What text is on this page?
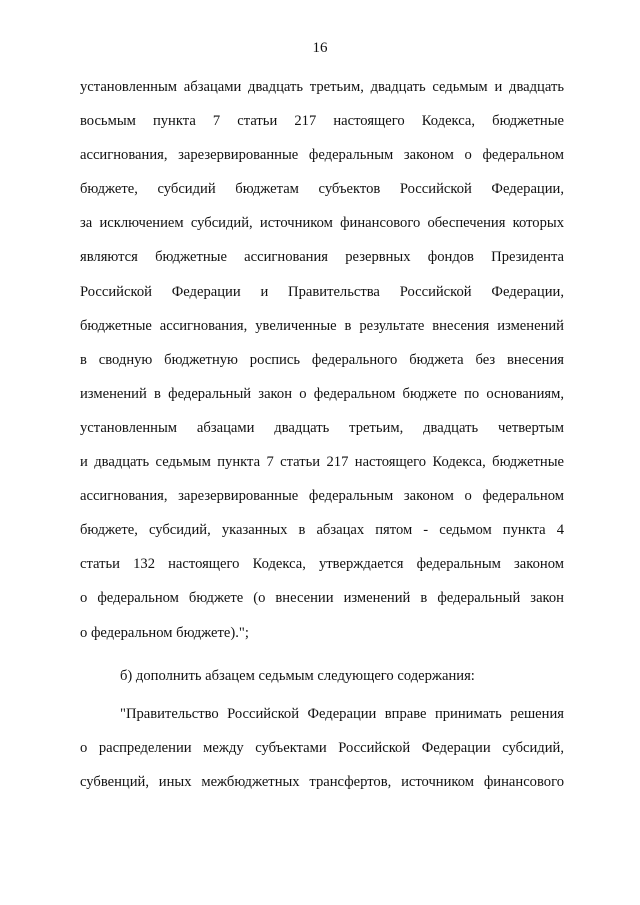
16
установленным абзацами двадцать третьим, двадцать седьмым и двадцать
восьмым пункта 7 статьи 217 настоящего Кодекса, бюджетные
ассигнования, зарезервированные федеральным законом о федеральном
бюджете, субсидий бюджетам субъектов Российской Федерации,
за исключением субсидий, источником финансового обеспечения которых
являются бюджетные ассигнования резервных фондов Президента
Российской Федерации и Правительства Российской Федерации,
бюджетные ассигнования, увеличенные в результате внесения изменений
в сводную бюджетную роспись федерального бюджета без внесения
изменений в федеральный закон о федеральном бюджете по основаниям,
установленным абзацами двадцать третьим, двадцать четвертым
и двадцать седьмым пункта 7 статьи 217 настоящего Кодекса, бюджетные
ассигнования, зарезервированные федеральным законом о федеральном
бюджете, субсидий, указанных в абзацах пятом - седьмом пункта 4
статьи 132 настоящего Кодекса, утверждается федеральным законом
о федеральном бюджете (о внесении изменений в федеральный закон
о федеральном бюджете).";
б) дополнить абзацем седьмым следующего содержания:
"Правительство Российской Федерации вправе принимать решения
о распределении между субъектами Российской Федерации субсидий,
субвенций, иных межбюджетных трансфертов, источником финансового
